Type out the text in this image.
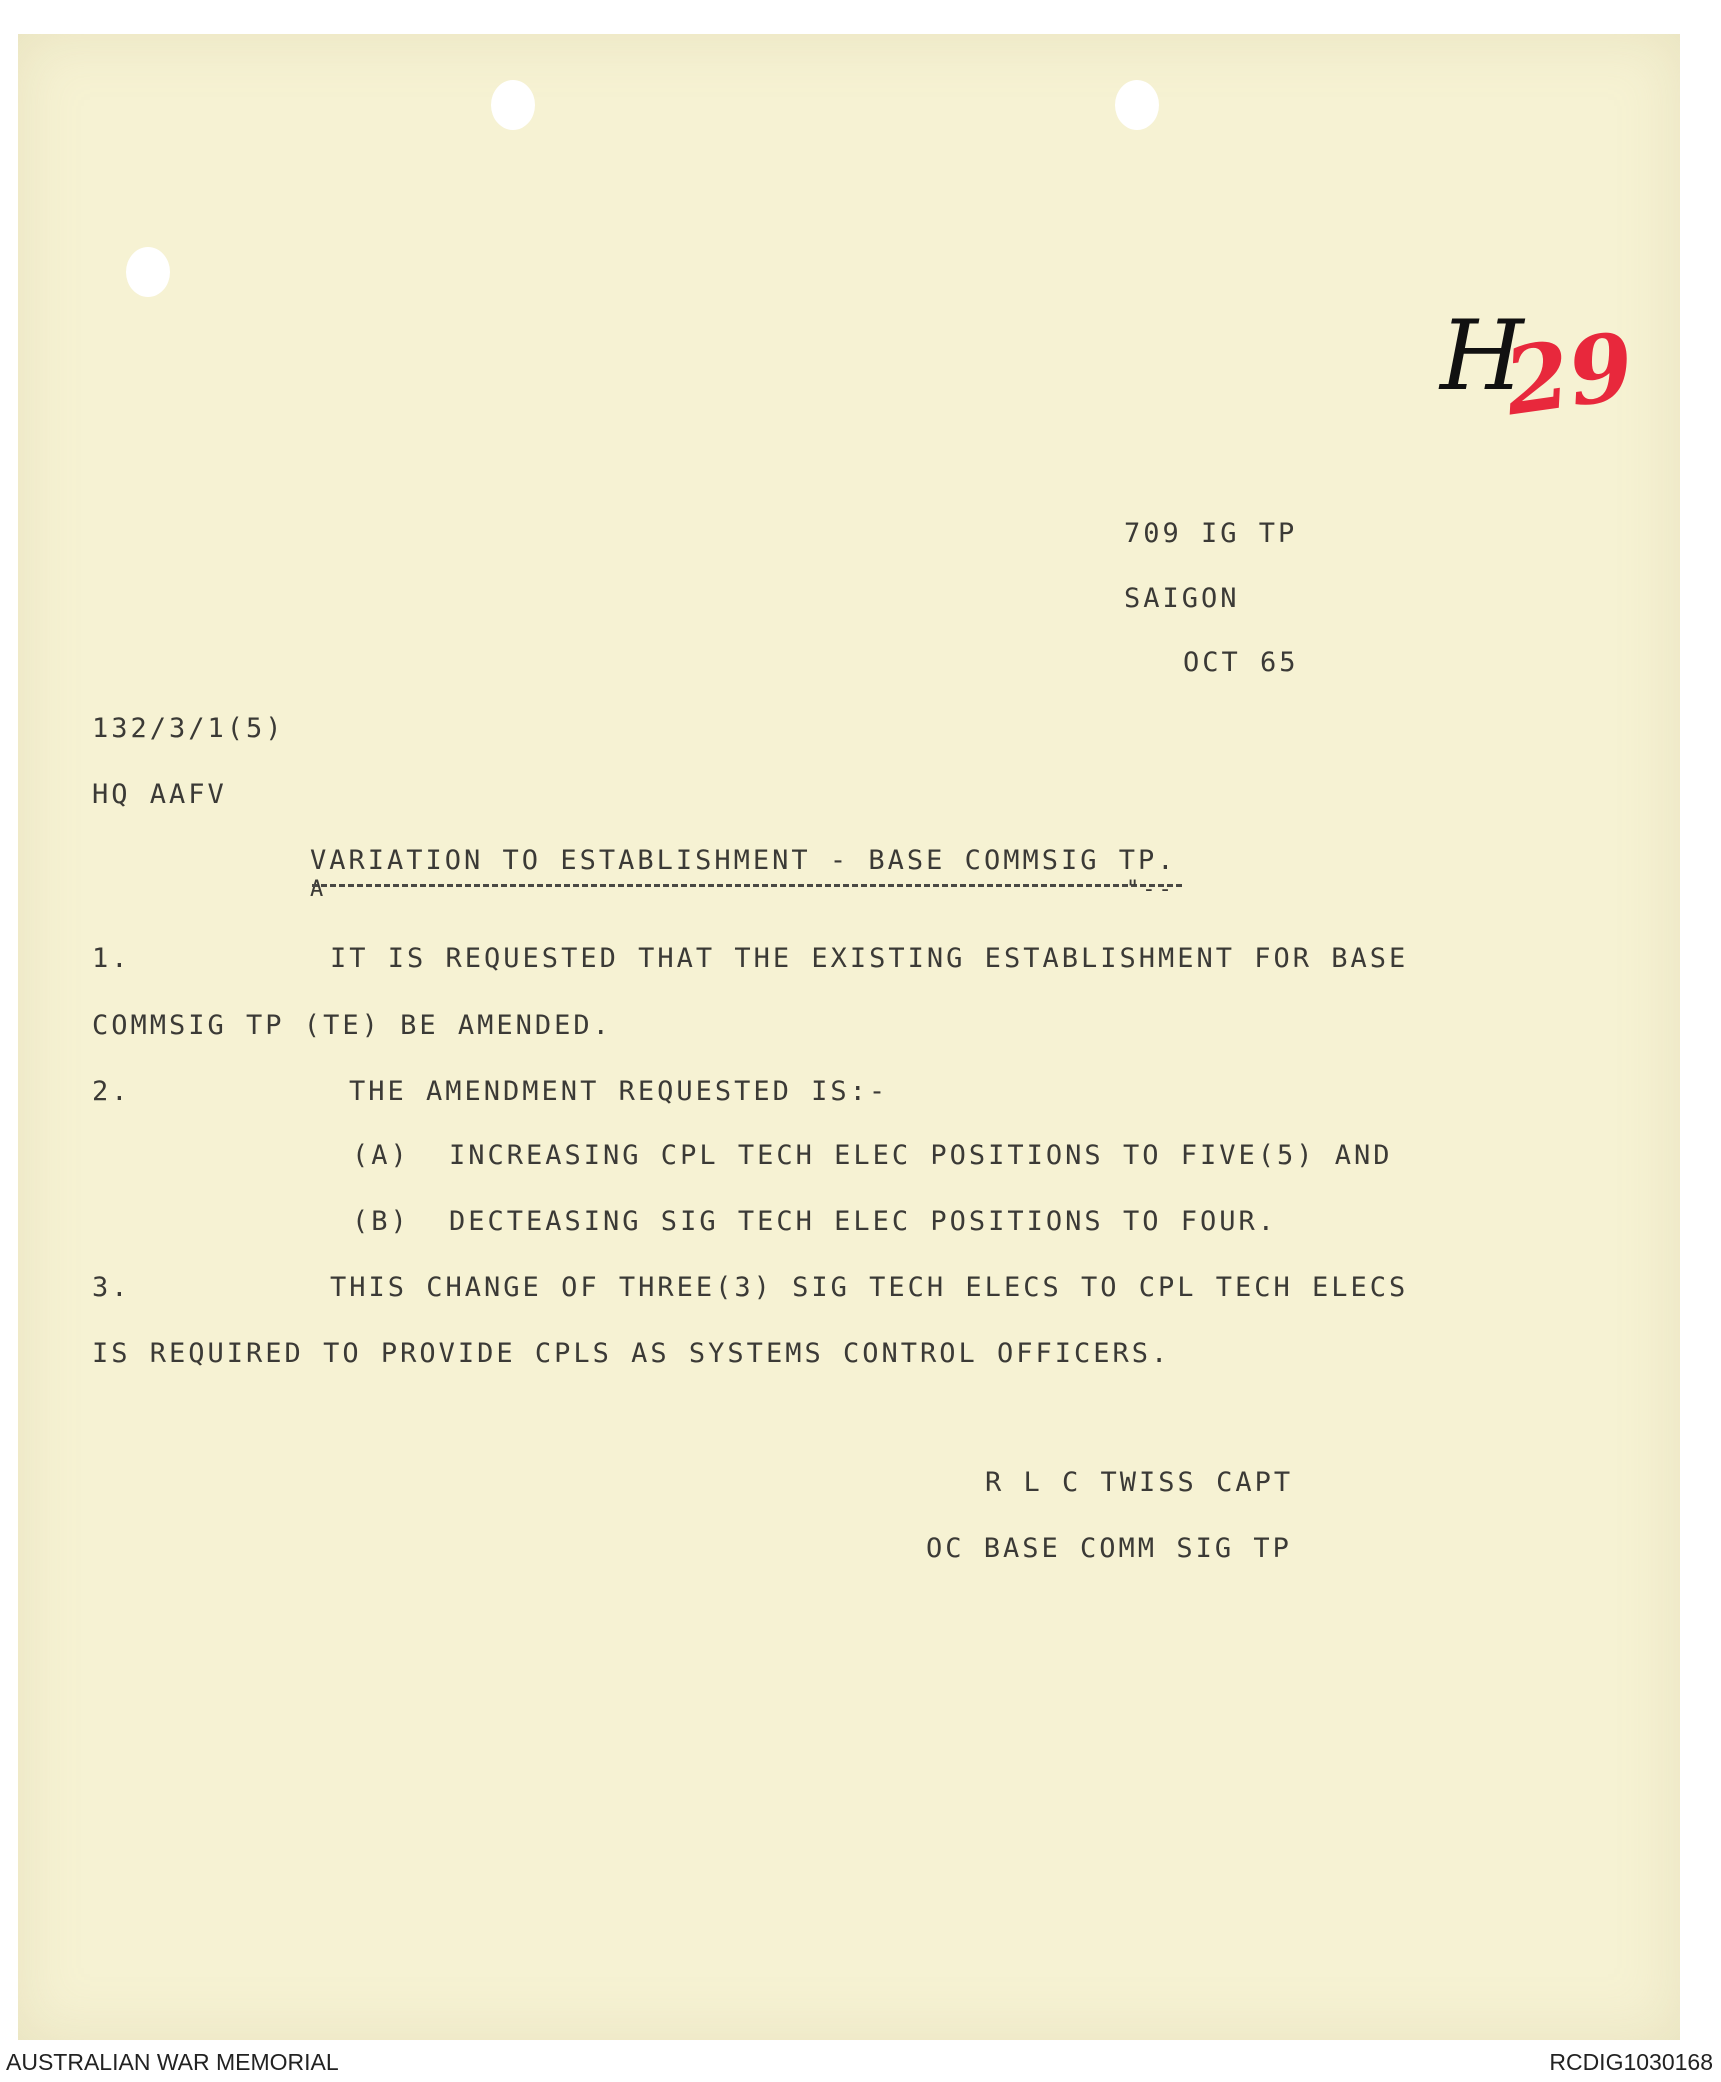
H
29
709 IG TP
SAIGON
OCT 65
132/3/1(5)
HQ AAFV
VARIATION TO ESTABLISHMENT - BASE COMMSIG TP.
A	"--
1.	IT IS REQUESTED THAT THE EXISTING ESTABLISHMENT FOR BASE
COMMSIG TP (TE) BE AMENDED.
2.	THE AMENDMENT REQUESTED IS:-
(A) INCREASING CPL TECH ELEC POSITIONS TO FIVE(5) AND
(B) DECTEASING SIG TECH ELEC POSITIONS TO FOUR.
3.	THIS CHANGE OF THREE(3) SIG TECH ELECS TO CPL TECH ELECS
IS REQUIRED TO PROVIDE CPLS AS SYSTEMS CONTROL OFFICERS.
R L C TWISS CAPT
OC BASE COMM SIG TP
AUSTRALIAN WAR MEMORIAL	RCDIG1030168
